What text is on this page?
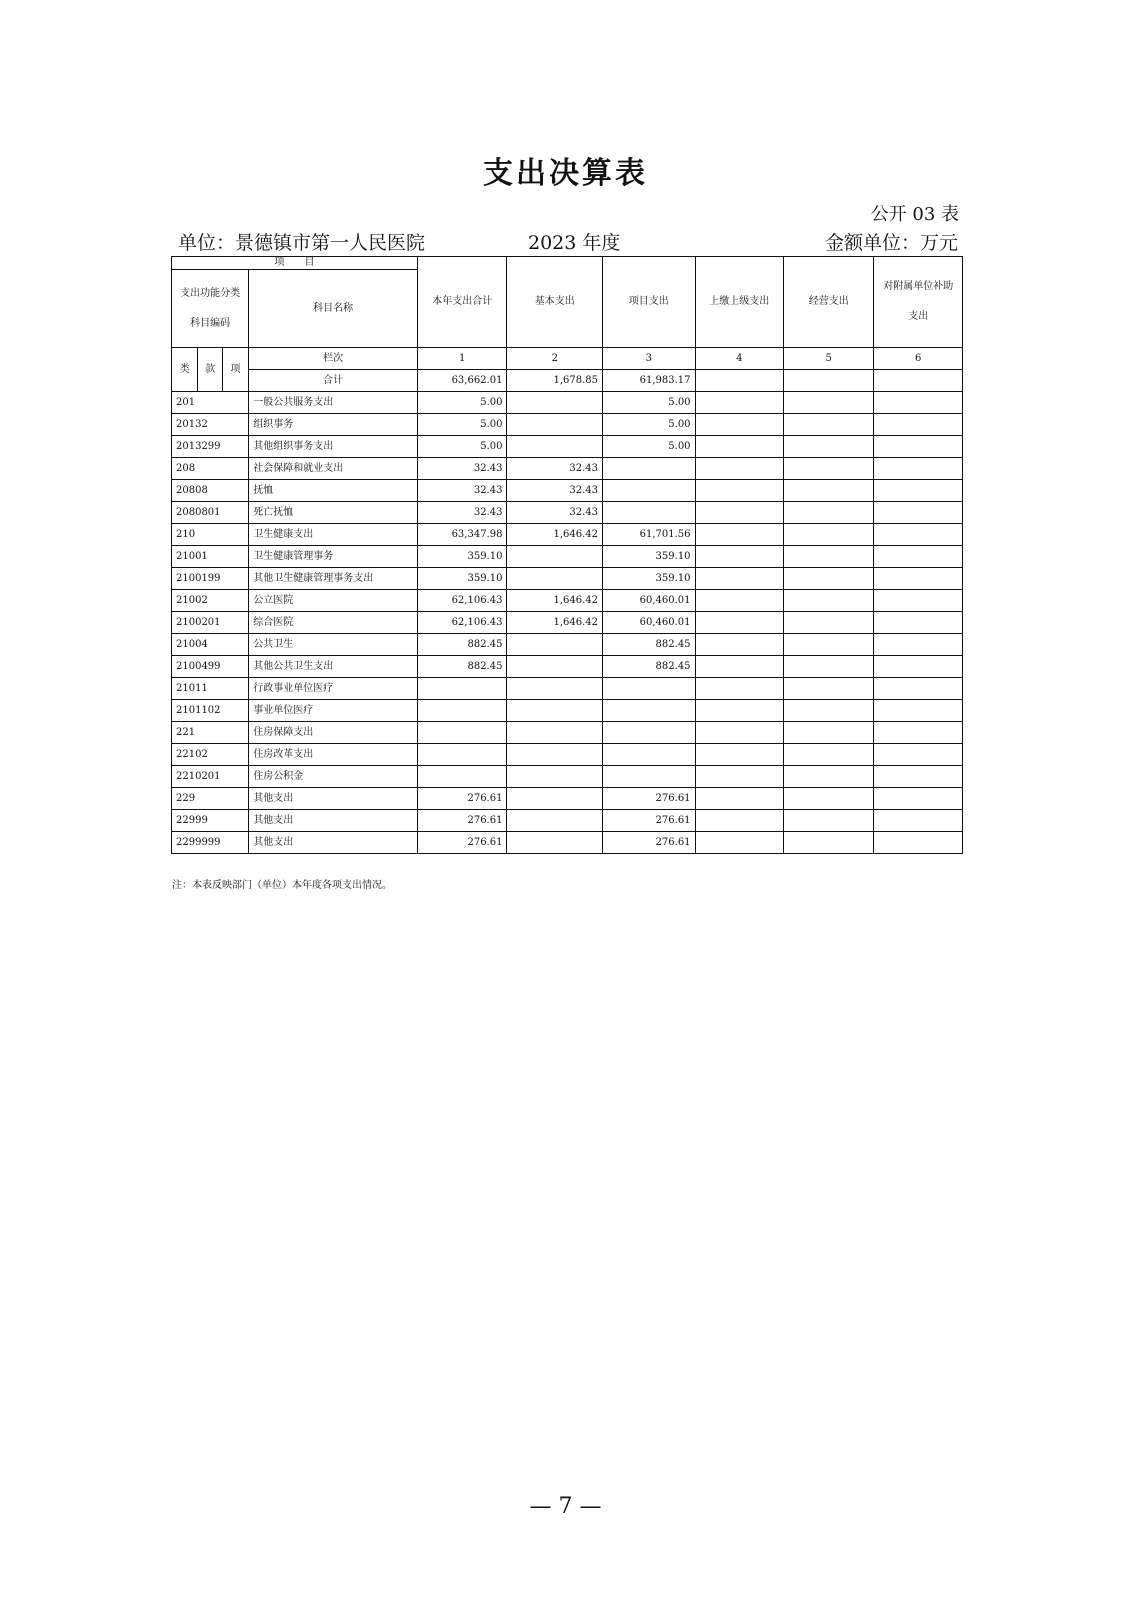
支出决算表
公开 03 表
单位：景德镇市第一人民医院	2023 年度	金额单位：万元
项　　目				本年支出合计	基本支出	项目支出	上缴上级支出	经营支出	对附属单位补助支出
支出功能分类科目编码			科目名称						
类	款	项	栏次	1	2	3	4	5	6
			合计	63,662.01	1,678.85	61,983.17			
201			一般公共服务支出	5.00		5.00			
20132			组织事务	5.00		5.00			
2013299			其他组织事务支出	5.00		5.00			
208			社会保障和就业支出	32.43	32.43				
20808			抚恤	32.43	32.43				
2080801			死亡抚恤	32.43	32.43				
210			卫生健康支出	63,347.98	1,646.42	61,701.56			
21001			卫生健康管理事务	359.10		359.10			
2100199			其他卫生健康管理事务支出	359.10		359.10			
21002			公立医院	62,106.43	1,646.42	60,460.01			
2100201			综合医院	62,106.43	1,646.42	60,460.01			
21004			公共卫生	882.45		882.45			
2100499			其他公共卫生支出	882.45		882.45			
21011			行政事业单位医疗						
2101102			事业单位医疗						
221			住房保障支出						
22102			住房改革支出						
2210201			住房公积金						
229			其他支出	276.61		276.61			
22999			其他支出	276.61		276.61			
2299999			其他支出	276.61		276.61			
注：本表反映部门（单位）本年度各项支出情况。
— 7 —
